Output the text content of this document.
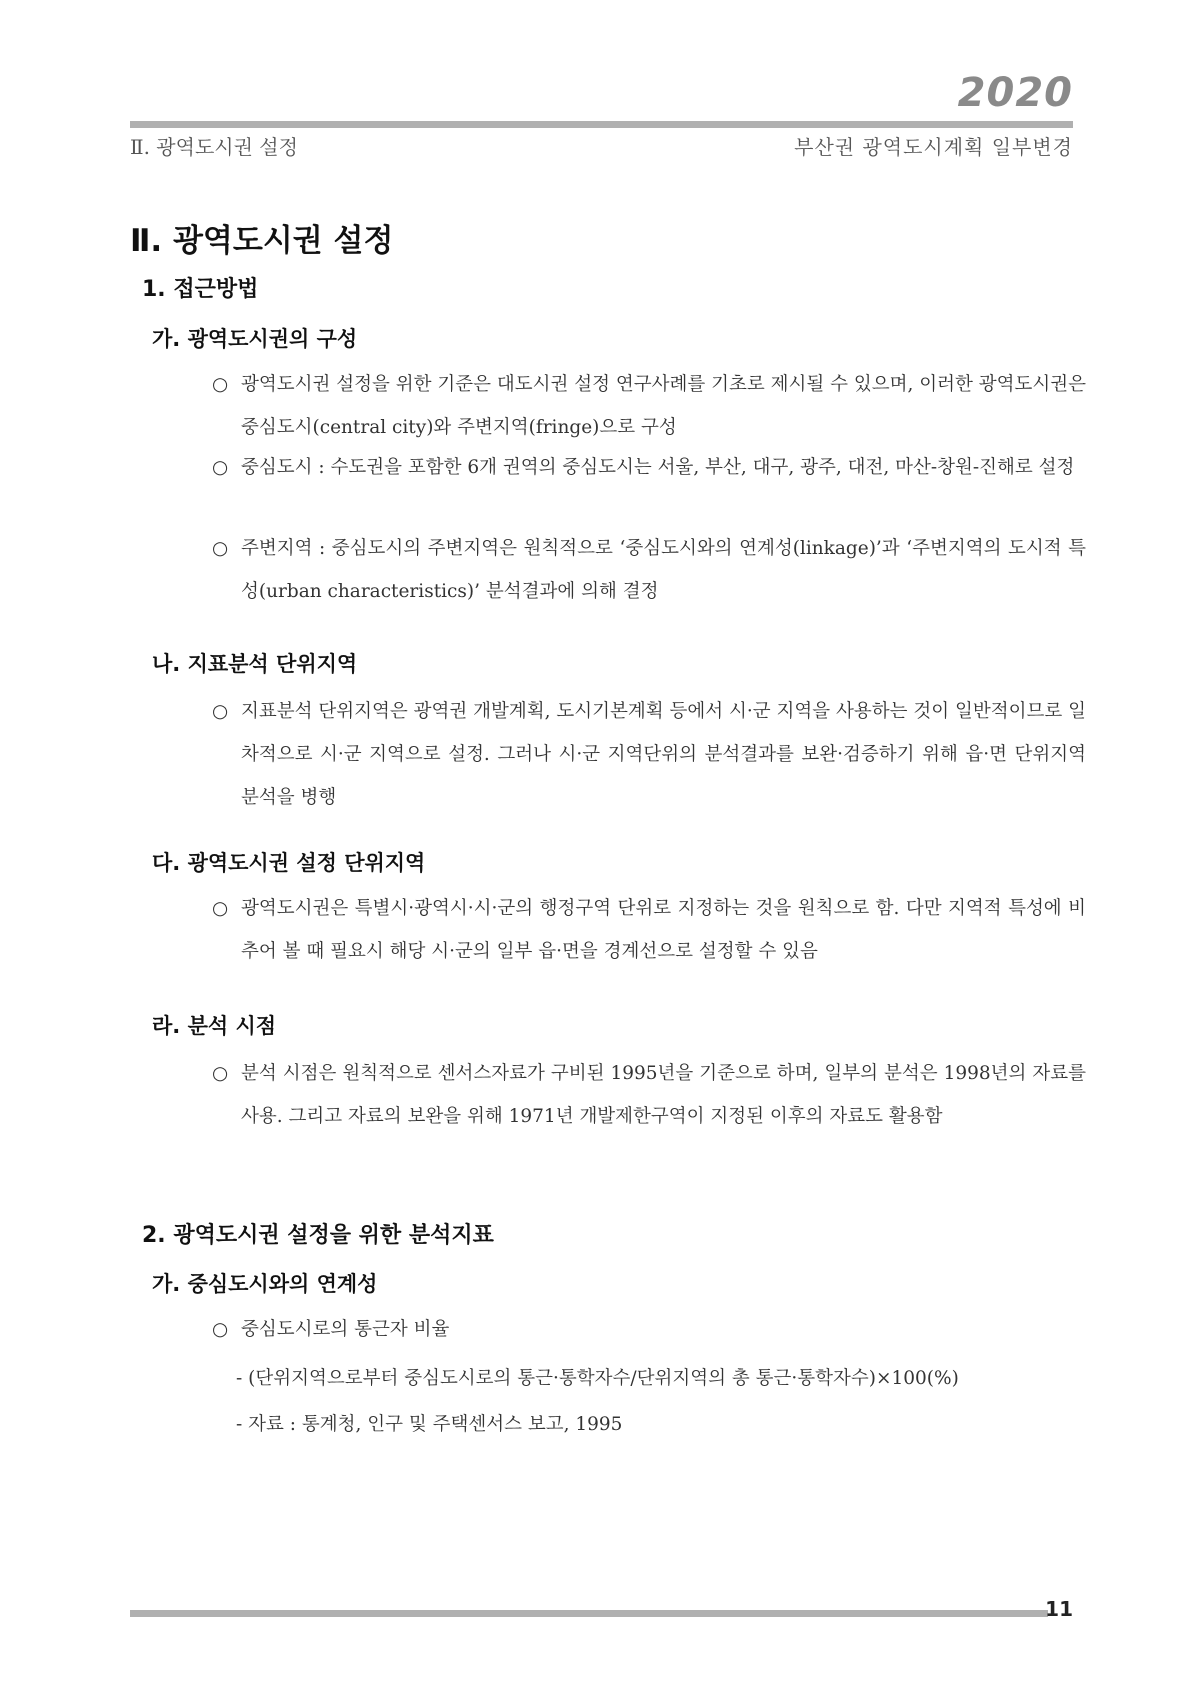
2020
Ⅱ. 광역도시권 설정	부산권 광역도시계획 일부변경
Ⅱ. 광역도시권 설정
1. 접근방법
가. 광역도시권의 구성
○ 광역도시권 설정을 위한 기준은 대도시권 설정 연구사례를 기초로 제시될 수 있으며, 이러한 광역도시권은 중심도시(central city)와 주변지역(fringe)으로 구성
○ 중심도시 : 수도권을 포함한 6개 권역의 중심도시는 서울, 부산, 대구, 광주, 대전, 마산-창원-진해로 설정
○ 주변지역 : 중심도시의 주변지역은 원칙적으로 ‘중심도시와의 연계성(linkage)’과 ‘주변지역의 도시적 특성(urban characteristics)’ 분석결과에 의해 결정
나. 지표분석 단위지역
○ 지표분석 단위지역은 광역권 개발계획, 도시기본계획 등에서 시·군 지역을 사용하는 것이 일반적이므로 일차적으로 시·군 지역으로 설정. 그러나 시·군 지역단위의 분석결과를 보완·검증하기 위해 읍·면 단위지역 분석을 병행
다. 광역도시권 설정 단위지역
○ 광역도시권은 특별시·광역시·시·군의 행정구역 단위로 지정하는 것을 원칙으로 함. 다만 지역적 특성에 비추어 볼 때 필요시 해당 시·군의 일부 읍·면을 경계선으로 설정할 수 있음
라. 분석 시점
○ 분석 시점은 원칙적으로 센서스자료가 구비된 1995년을 기준으로 하며, 일부의 분석은 1998년의 자료를 사용. 그리고 자료의 보완을 위해 1971년 개발제한구역이 지정된 이후의 자료도 활용함
2. 광역도시권 설정을 위한 분석지표
가. 중심도시와의 연계성
○ 중심도시로의 통근자 비율
- (단위지역으로부터 중심도시로의 통근·통학자수/단위지역의 총 통근·통학자수)×100(%)
- 자료 : 통계청, 인구 및 주택센서스 보고, 1995
11
